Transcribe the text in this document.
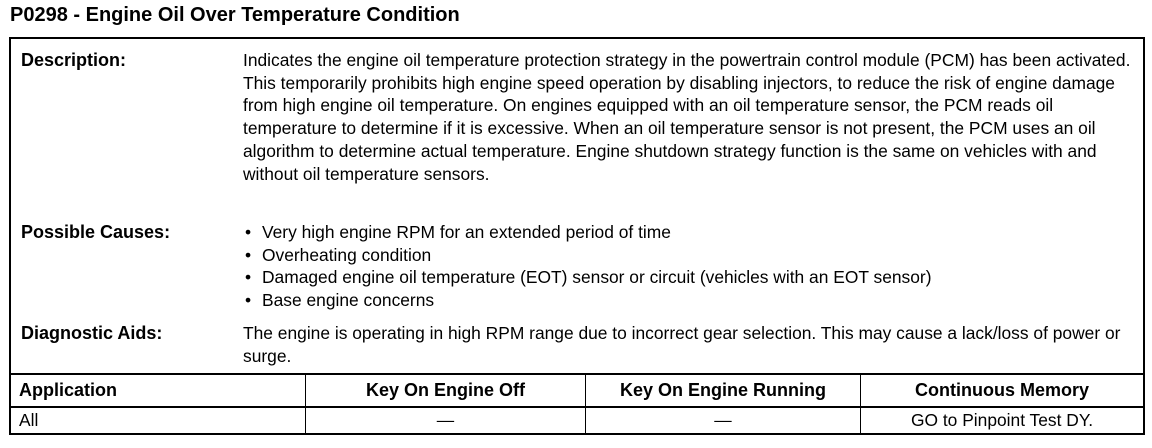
P0298 - Engine Oil Over Temperature Condition
Description:	Indicates the engine oil temperature protection strategy in the powertrain control module (PCM) has been activated. This temporarily prohibits high engine speed operation by disabling injectors, to reduce the risk of engine damage from high engine oil temperature. On engines equipped with an oil temperature sensor, the PCM reads oil temperature to determine if it is excessive. When an oil temperature sensor is not present, the PCM uses an oil algorithm to determine actual temperature. Engine shutdown strategy function is the same on vehicles with and without oil temperature sensors.
Possible Causes:	• Very high engine RPM for an extended period of time
• Overheating condition
• Damaged engine oil temperature (EOT) sensor or circuit (vehicles with an EOT sensor)
• Base engine concerns
Diagnostic Aids:	The engine is operating in high RPM range due to incorrect gear selection. This may cause a lack/loss of power or surge.
Application	Key On Engine Off	Key On Engine Running	Continuous Memory
All	—	—	GO to Pinpoint Test DY.
